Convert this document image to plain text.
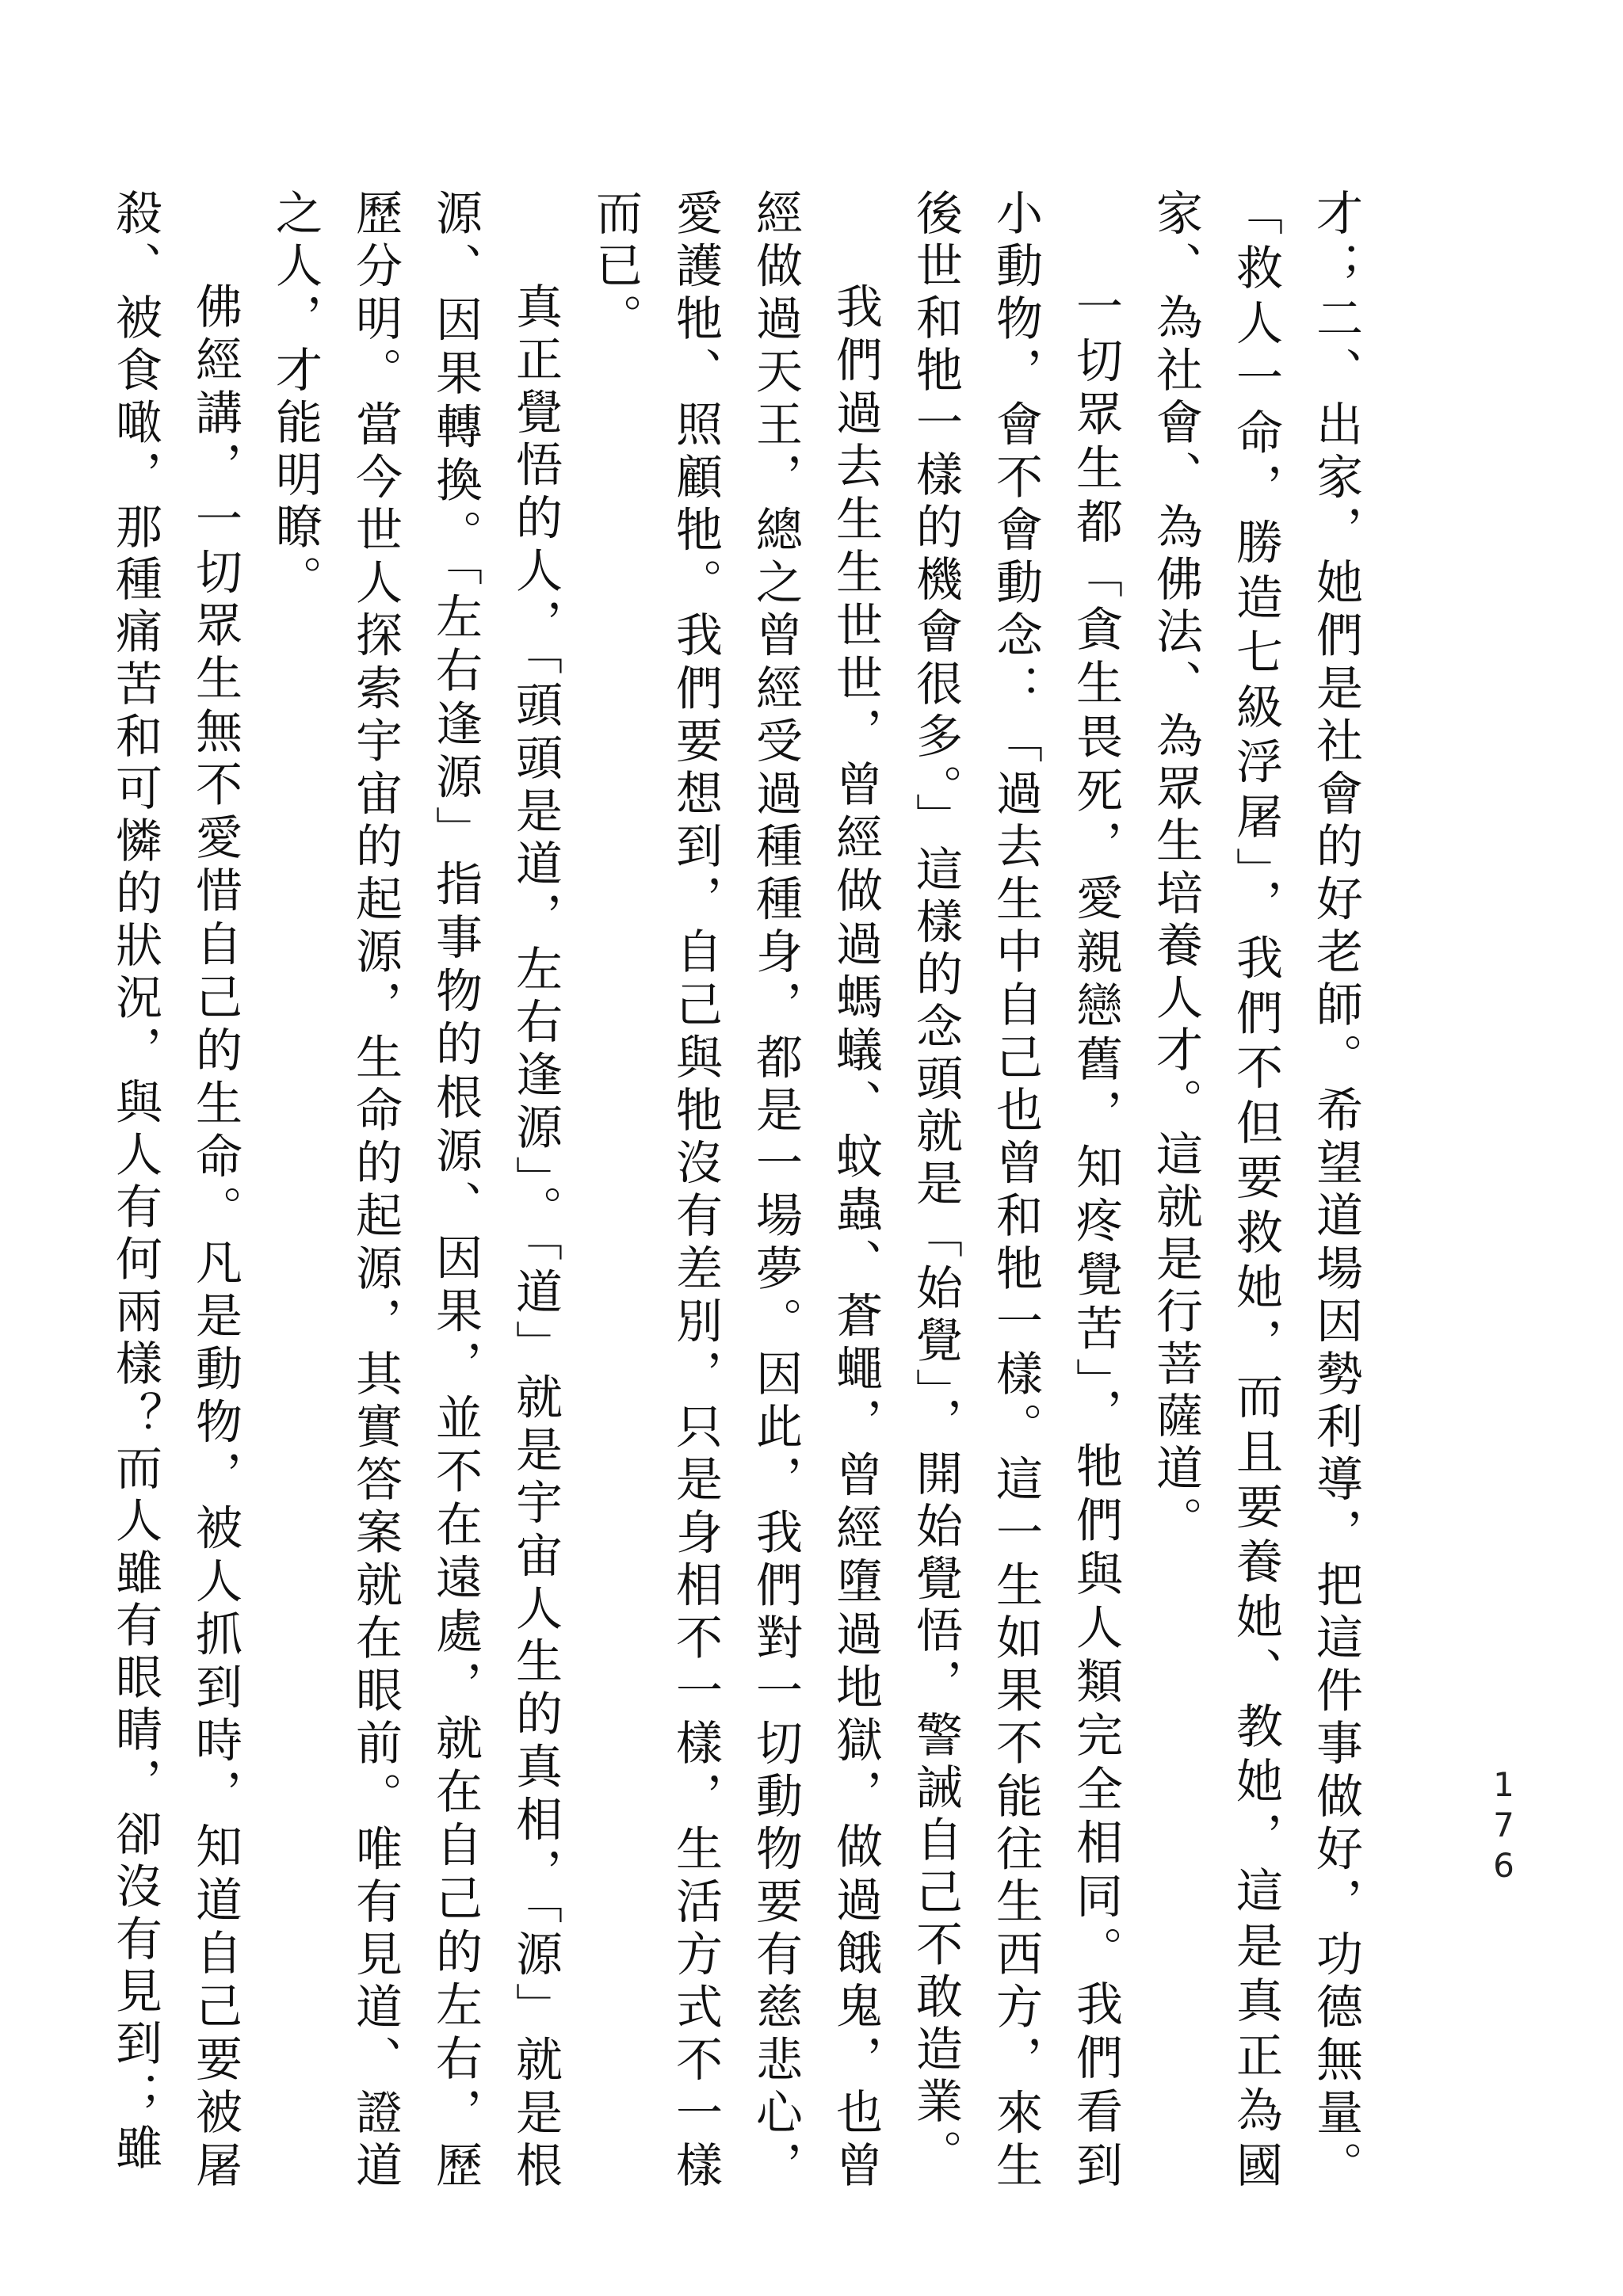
176

才；二、出家，她們是社會的好老師。希望道場因勢利導，把這件事做好，功德無量。「救人一命，勝造七級浮屠」，我們不但要救她，而且要養她、教她，這是真正為國家、為社會、為佛法、為眾生培養人才。這就是行菩薩道。

一切眾生都「貪生畏死，愛親戀舊，知疼覺苦」，牠們與人類完全相同。我們看到小動物，會不會動念：「過去生中自己也曾和牠一樣。這一生如果不能往生西方，來生後世和牠一樣的機會很多。」這樣的念頭就是「始覺」，開始覺悟，警誡自己不敢造業。

我們過去生生世世，曾經做過螞蟻、蚊蟲、蒼蠅，曾經墮過地獄，做過餓鬼，也曾經做過天王，總之曾經受過種種身，都是一場夢。因此，我們對一切動物要有慈悲心，愛護牠、照顧牠。我們要想到，自己與牠沒有差別，只是身相不一樣，生活方式不一樣而已。

真正覺悟的人，「頭頭是道，左右逢源」。「道」就是宇宙人生的真相，「源」就是根源、因果轉換。「左右逢源」指事物的根源、因果，並不在遠處，就在自己的左右，歷歷分明。當今世人探索宇宙的起源，生命的起源，其實答案就在眼前。唯有見道、證道之人，才能明瞭。

佛經講，一切眾生無不愛惜自己的生命。凡是動物，被人抓到時，知道自己要被屠殺、被食噉，那種痛苦和可憐的狀況，與人有何兩樣？而人雖有眼睛，卻沒有見到；雖
